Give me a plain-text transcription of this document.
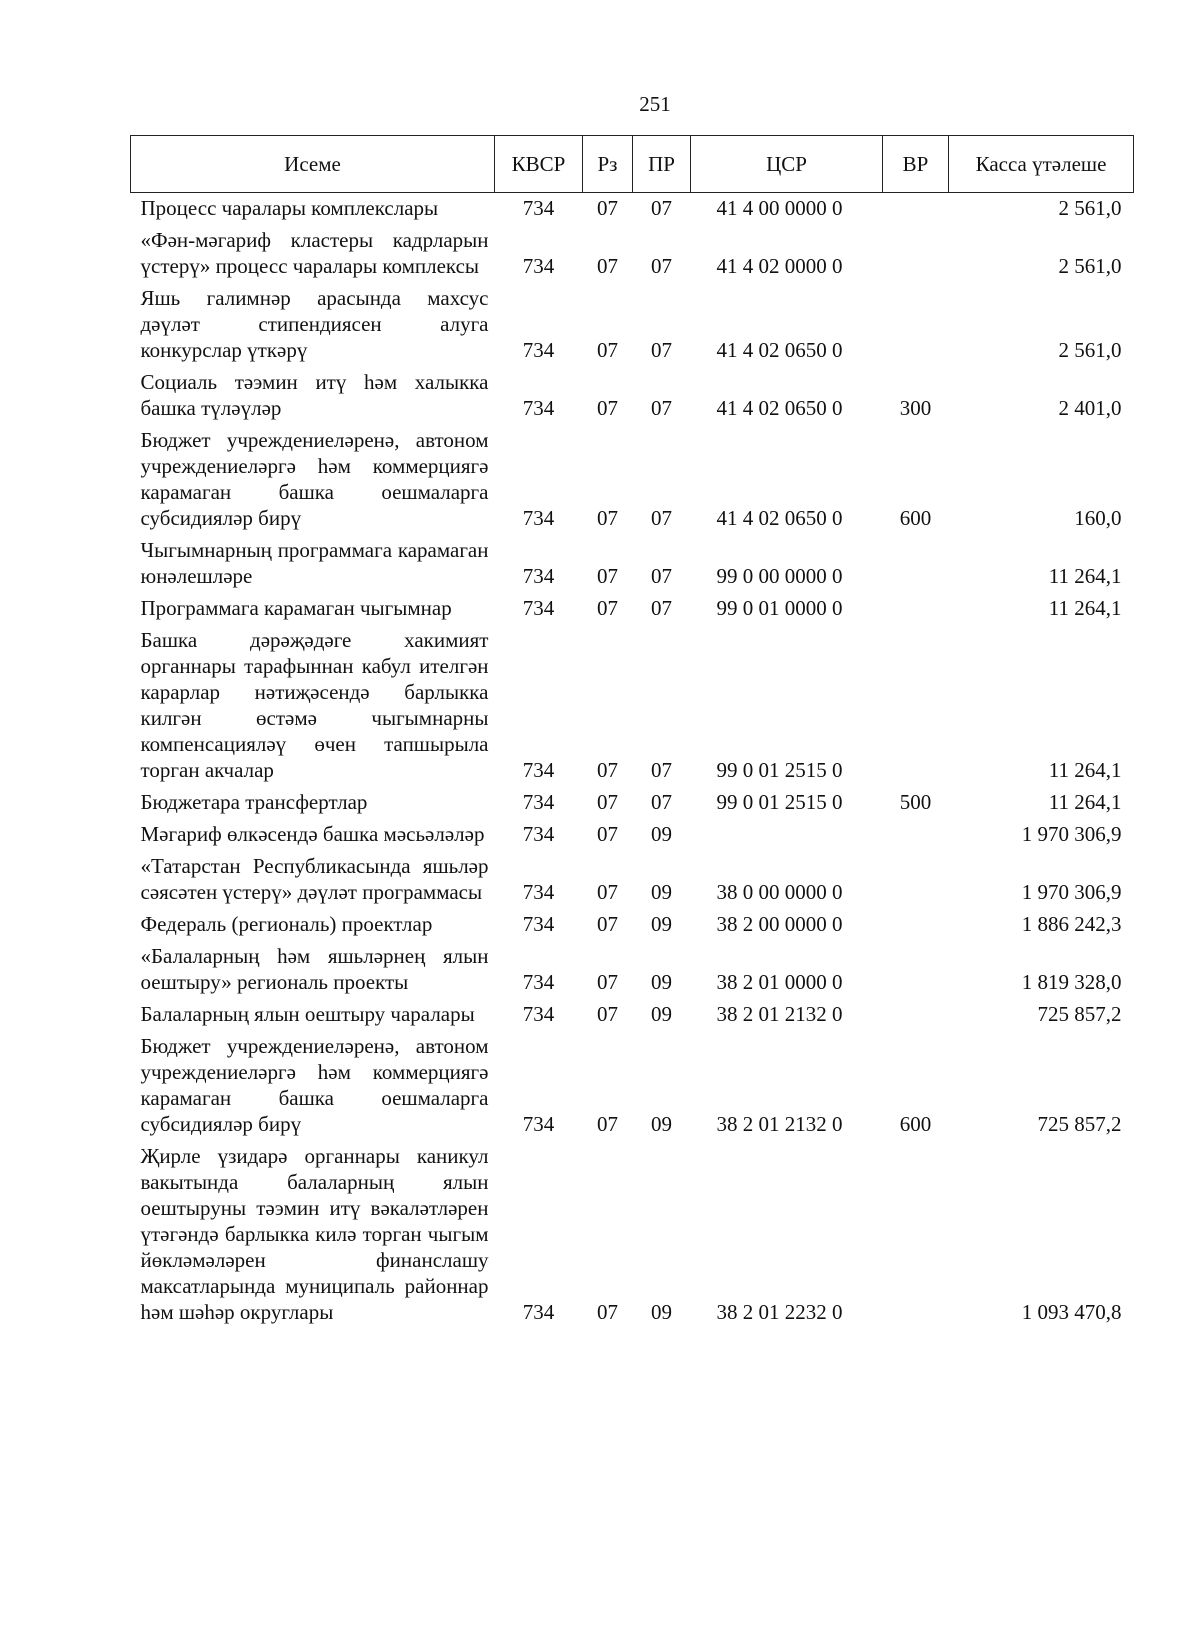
251
Исеме	КВСР	Рз	ПР	ЦСР	ВР	Касса үтәлеше
Процесс чаралары комплекслары	734	07	07	41 4 00 0000 0		2 561,0
«Фән-мәгариф кластеры кадрларын үстерү» процесс чаралары комплексы	734	07	07	41 4 02 0000 0		2 561,0
Яшь галимнәр арасында махсус дәүләт стипендиясен алуга конкурслар үткәрү	734	07	07	41 4 02 0650 0		2 561,0
Социаль тәэмин итү һәм халыкка башка түләүләр	734	07	07	41 4 02 0650 0	300	2 401,0
Бюджет учреждениеләренә, автоном учреждениеләргә һәм коммерциягә карамаган башка оешмаларга субсидияләр бирү	734	07	07	41 4 02 0650 0	600	160,0
Чыгымнарның программага карамаган юнәлешләре	734	07	07	99 0 00 0000 0		11 264,1
Программага карамаган чыгымнар	734	07	07	99 0 01 0000 0		11 264,1
Башка дәрәҗәдәге хакимият органнары тарафыннан кабул ителгән карарлар нәтиҗәсендә барлыкка килгән өстәмә чыгымнарны компенсацияләү өчен тапшырыла торган акчалар	734	07	07	99 0 01 2515 0		11 264,1
Бюджетара трансфертлар	734	07	07	99 0 01 2515 0	500	11 264,1
Мәгариф өлкәсендә башка мәсьәләләр	734	07	09			1 970 306,9
«Татарстан Республикасында яшьләр сәясәтен үстерү» дәүләт программасы	734	07	09	38 0 00 0000 0		1 970 306,9
Федераль (региональ) проектлар	734	07	09	38 2 00 0000 0		1 886 242,3
«Балаларның һәм яшьләрнең ялын оештыру» региональ проекты	734	07	09	38 2 01 0000 0		1 819 328,0
Балаларның ялын оештыру чаралары	734	07	09	38 2 01 2132 0		725 857,2
Бюджет учреждениеләренә, автоном учреждениеләргә һәм коммерциягә карамаган башка оешмаларга субсидияләр бирү	734	07	09	38 2 01 2132 0	600	725 857,2
Җирле үзидарә органнары каникул вакытында балаларның ялын оештыруны тәэмин итү вәкаләтләрен үтәгәндә барлыкка килә торган чыгым йөкләмәләрен финанслашу максатларында муниципаль районнар һәм шәһәр округлары	734	07	09	38 2 01 2232 0		1 093 470,8
